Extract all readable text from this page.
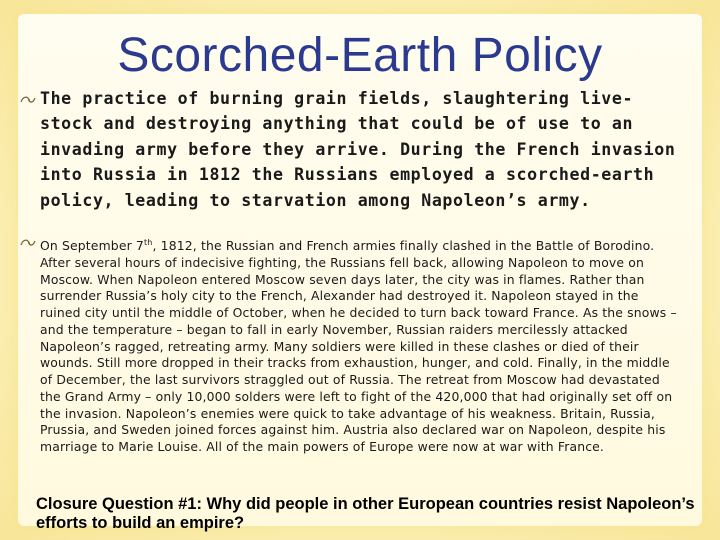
Scorched-Earth Policy
The practice of burning grain fields, slaughtering live-stock and destroying anything that could be of use to an invading army before they arrive. During the French invasion into Russia in 1812 the Russians employed a scorched-earth policy, leading to starvation among Napoleon’s army.
On September 7th, 1812, the Russian and French armies finally clashed in the Battle of Borodino. After several hours of indecisive fighting, the Russians fell back, allowing Napoleon to move on Moscow. When Napoleon entered Moscow seven days later, the city was in flames. Rather than surrender Russia’s holy city to the French, Alexander had destroyed it. Napoleon stayed in the ruined city until the middle of October, when he decided to turn back toward France. As the snows – and the temperature – began to fall in early November, Russian raiders mercilessly attacked Napoleon’s ragged, retreating army. Many soldiers were killed in these clashes or died of their wounds. Still more dropped in their tracks from exhaustion, hunger, and cold. Finally, in the middle of December, the last survivors straggled out of Russia. The retreat from Moscow had devastated the Grand Army – only 10,000 solders were left to fight of the 420,000 that had originally set off on the invasion. Napoleon’s enemies were quick to take advantage of his weakness. Britain, Russia, Prussia, and Sweden joined forces against him. Austria also declared war on Napoleon, despite his marriage to Marie Louise. All of the main powers of Europe were now at war with France.
Closure Question #1: Why did people in other European countries resist Napoleon’s efforts to build an empire?
